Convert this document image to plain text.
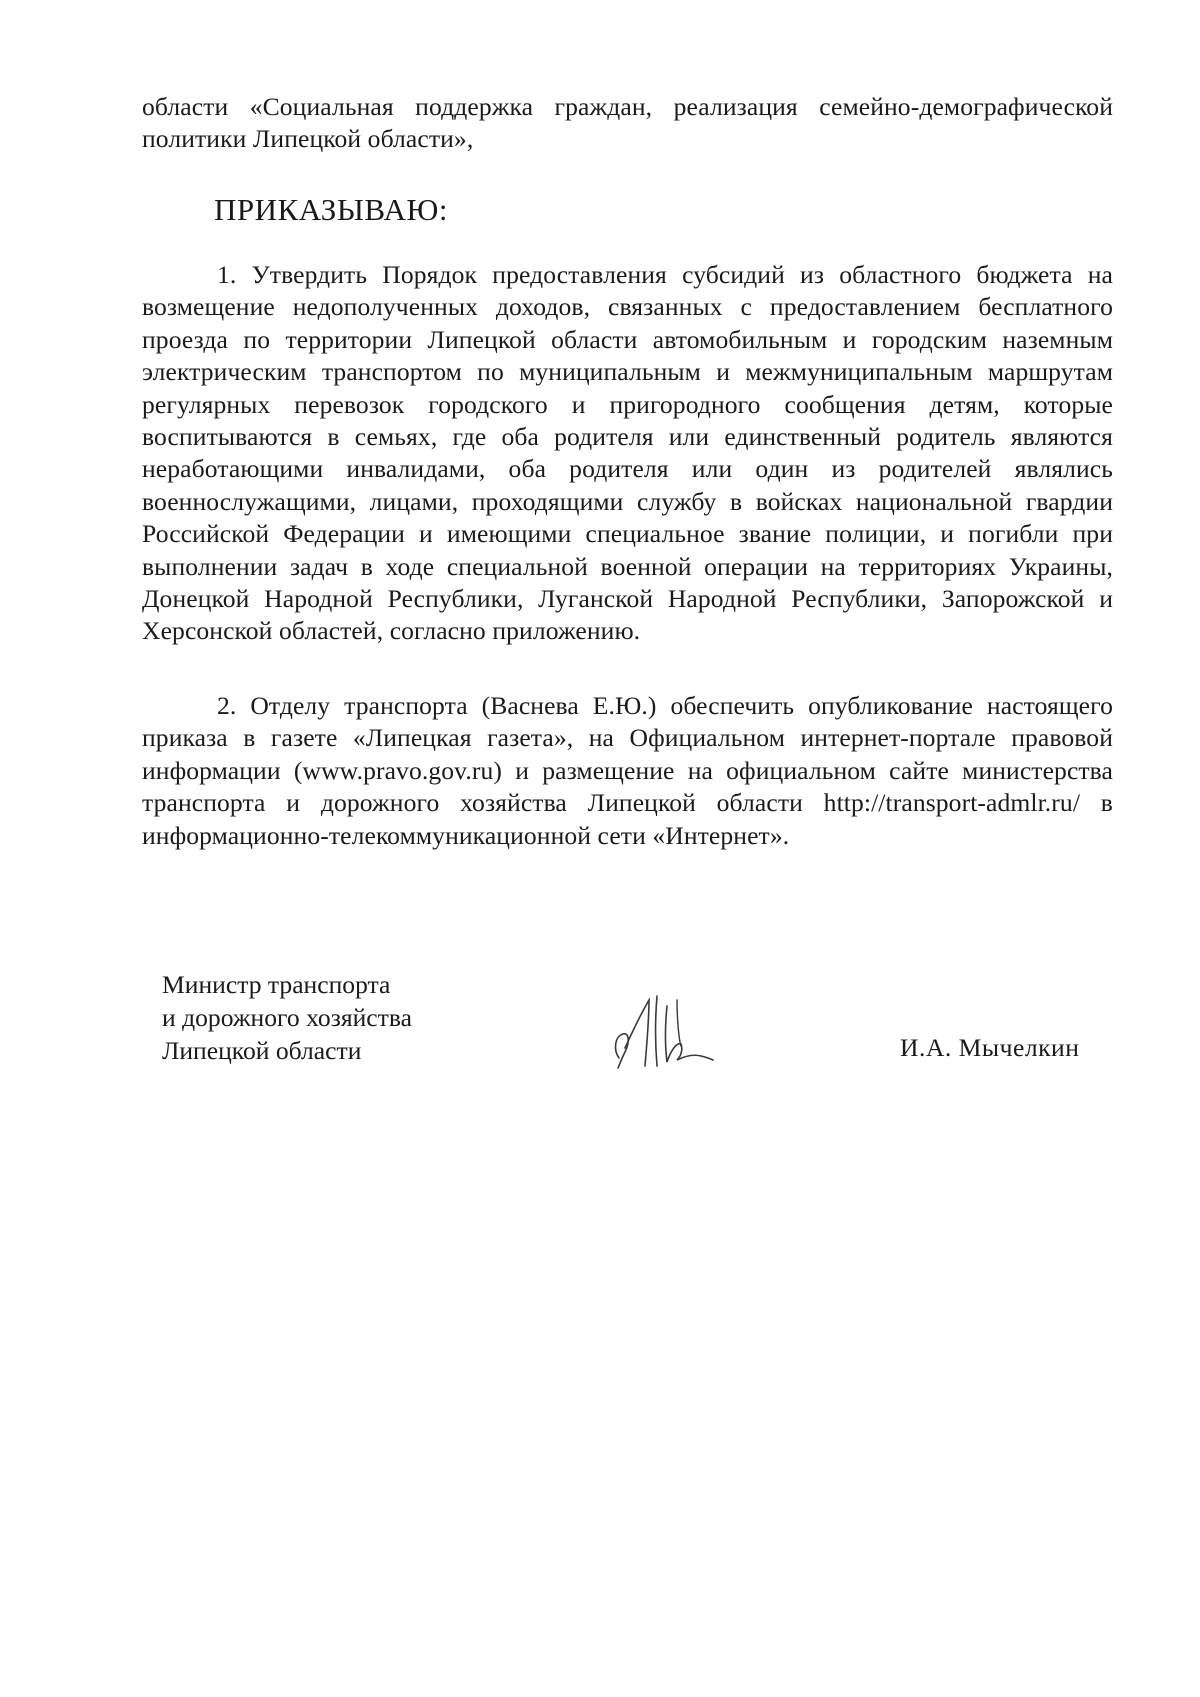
области «Социальная поддержка граждан, реализация семейно-демографической политики Липецкой области»,
ПРИКАЗЫВАЮ:
1. Утвердить Порядок предоставления субсидий из областного бюджета на возмещение недополученных доходов, связанных с предоставлением бесплатного проезда по территории Липецкой области автомобильным и городским наземным электрическим транспортом по муниципальным и межмуниципальным маршрутам регулярных перевозок городского и пригородного сообщения детям, которые воспитываются в семьях, где оба родителя или единственный родитель являются неработающими инвалидами, оба родителя или один из родителей являлись военнослужащими, лицами, проходящими службу в войсках национальной гвардии Российской Федерации и имеющими специальное звание полиции, и погибли при выполнении задач в ходе специальной военной операции на территориях Украины, Донецкой Народной Республики, Луганской Народной Республики, Запорожской и Херсонской областей, согласно приложению.
2. Отделу транспорта (Васнева Е.Ю.) обеспечить опубликование настоящего приказа в газете «Липецкая газета», на Официальном интернет-портале правовой информации (www.pravo.gov.ru) и размещение на официальном сайте министерства транспорта и дорожного хозяйства Липецкой области http://transport-admlr.ru/ в информационно-телекоммуникационной сети «Интернет».
Министр транспорта
и дорожного хозяйства
Липецкой области	И.А. Мычелкин
